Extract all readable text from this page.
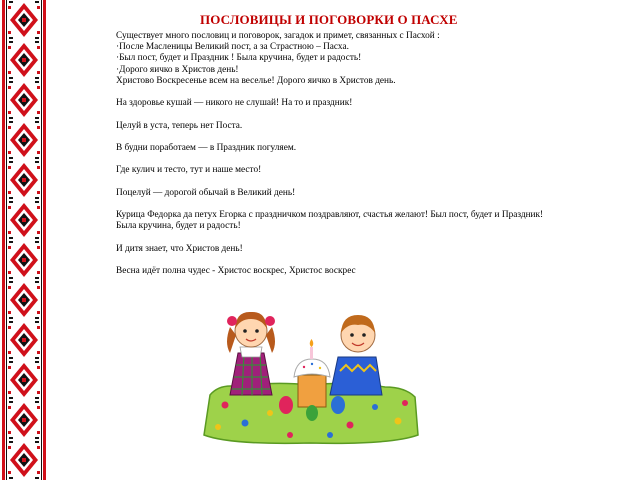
ПОСЛОВИЦЫ И ПОГОВОРКИ О ПАСХЕ

Существует много пословиц и поговорок, загадок и примет, связанных с Пасхой :

·После Масленицы Великий пост, а за Страстною – Пасха.

·Был пост, будет и Праздник ! Была кручина, будет и радость!

·Дорого яичко в Христов день!

Христово Воскресенье всем на веселье! Дорого яичко в Христов день.

На здоровье кушай — никого не слушай! На то и праздник!

Целуй в уста, теперь нет Поста.

В будни поработаем — в Праздник погуляем.

Где кулич и тесто, тут и наше место!

Поцелуй — дорогой обычай в Великий день!

Курица Федорка да петух Егорка с праздничком поздравляют, счастья желают! Был пост, будет и Праздник!

Была кручина, будет и радость!

И дитя знает, что Христов день!

Весна идёт полна чудес - Христос воскрес, Христос воскрес
